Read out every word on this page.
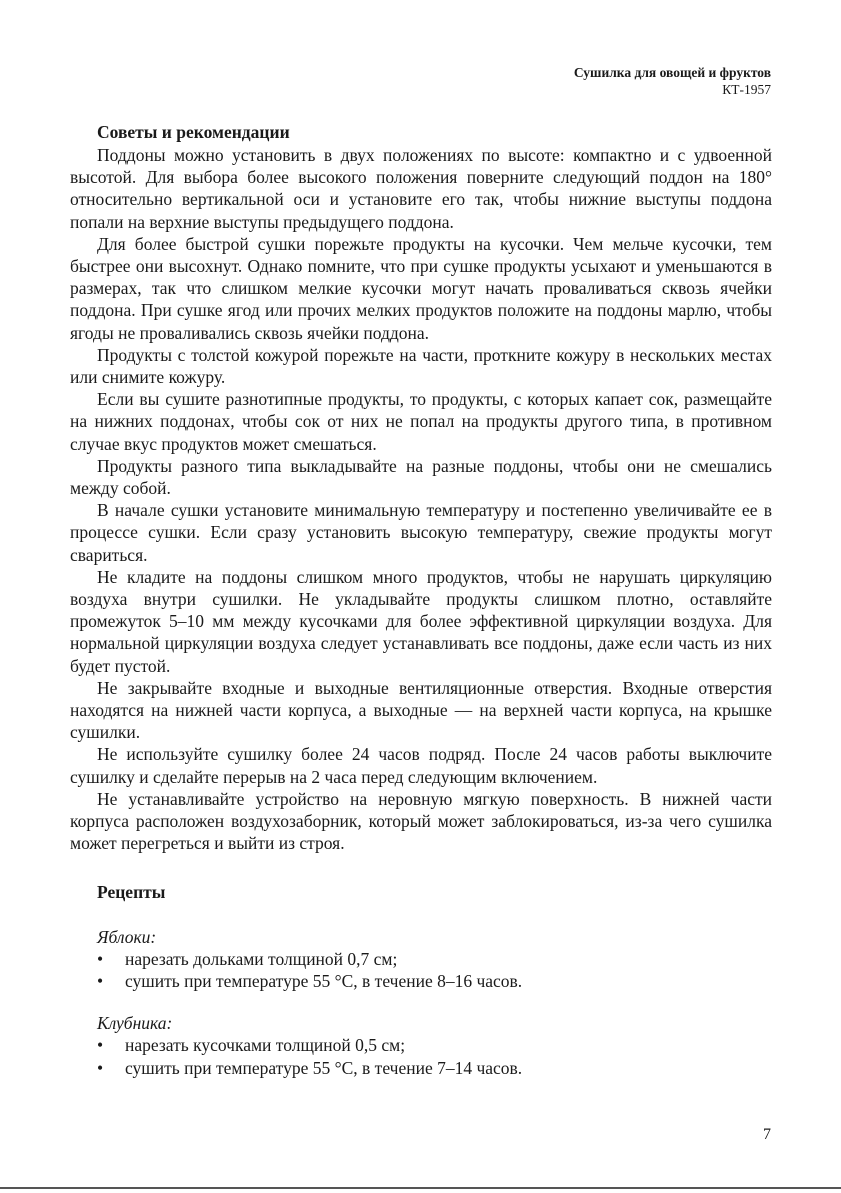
Сушилка для овощей и фруктов
КТ-1957
Советы и рекомендации

Поддоны можно установить в двух положениях по высоте: компактно и с удвоенной высотой. Для выбора более высокого положения поверните следующий поддон на 180° относительно вертикальной оси и установите его так, чтобы нижние выступы поддона попали на верхние выступы предыдущего поддона.

Для более быстрой сушки порежьте продукты на кусочки. Чем мельче кусочки, тем быстрее они высохнут. Однако помните, что при сушке продукты усыхают и уменьшаются в размерах, так что слишком мелкие кусочки могут начать проваливаться сквозь ячейки поддона. При сушке ягод или прочих мелких продуктов положите на поддоны марлю, чтобы ягоды не проваливались сквозь ячейки поддона.

Продукты с толстой кожурой порежьте на части, проткните кожуру в нескольких местах или снимите кожуру.

Если вы сушите разнотипные продукты, то продукты, с которых капает сок, размещайте на нижних поддонах, чтобы сок от них не попал на продукты другого типа, в противном случае вкус продуктов может смешаться.

Продукты разного типа выкладывайте на разные поддоны, чтобы они не смешались между собой.

В начале сушки установите минимальную температуру и постепенно увеличивайте ее в процессе сушки. Если сразу установить высокую температуру, свежие продукты могут свариться.

Не кладите на поддоны слишком много продуктов, чтобы не нарушать циркуляцию воздуха внутри сушилки. Не укладывайте продукты слишком плотно, оставляйте промежуток 5–10 мм между кусочками для более эффективной циркуляции воздуха. Для нормальной циркуляции воздуха следует устанавливать все поддоны, даже если часть из них будет пустой.

Не закрывайте входные и выходные вентиляционные отверстия. Входные отверстия находятся на нижней части корпуса, а выходные — на верхней части корпуса, на крышке сушилки.

Не используйте сушилку более 24 часов подряд. После 24 часов работы выключите сушилку и сделайте перерыв на 2 часа перед следующим включением.

Не устанавливайте устройство на неровную мягкую поверхность. В нижней части корпуса расположен воздухозаборник, который может заблокироваться, из-за чего сушилка может перегреться и выйти из строя.

Рецепты

Яблоки:

• нарезать дольками толщиной 0,7 см;
• сушить при температуре 55 °С, в течение 8–16 часов.

Клубника:

• нарезать кусочками толщиной 0,5 см;
• сушить при температуре 55 °С, в течение 7–14 часов.
7
